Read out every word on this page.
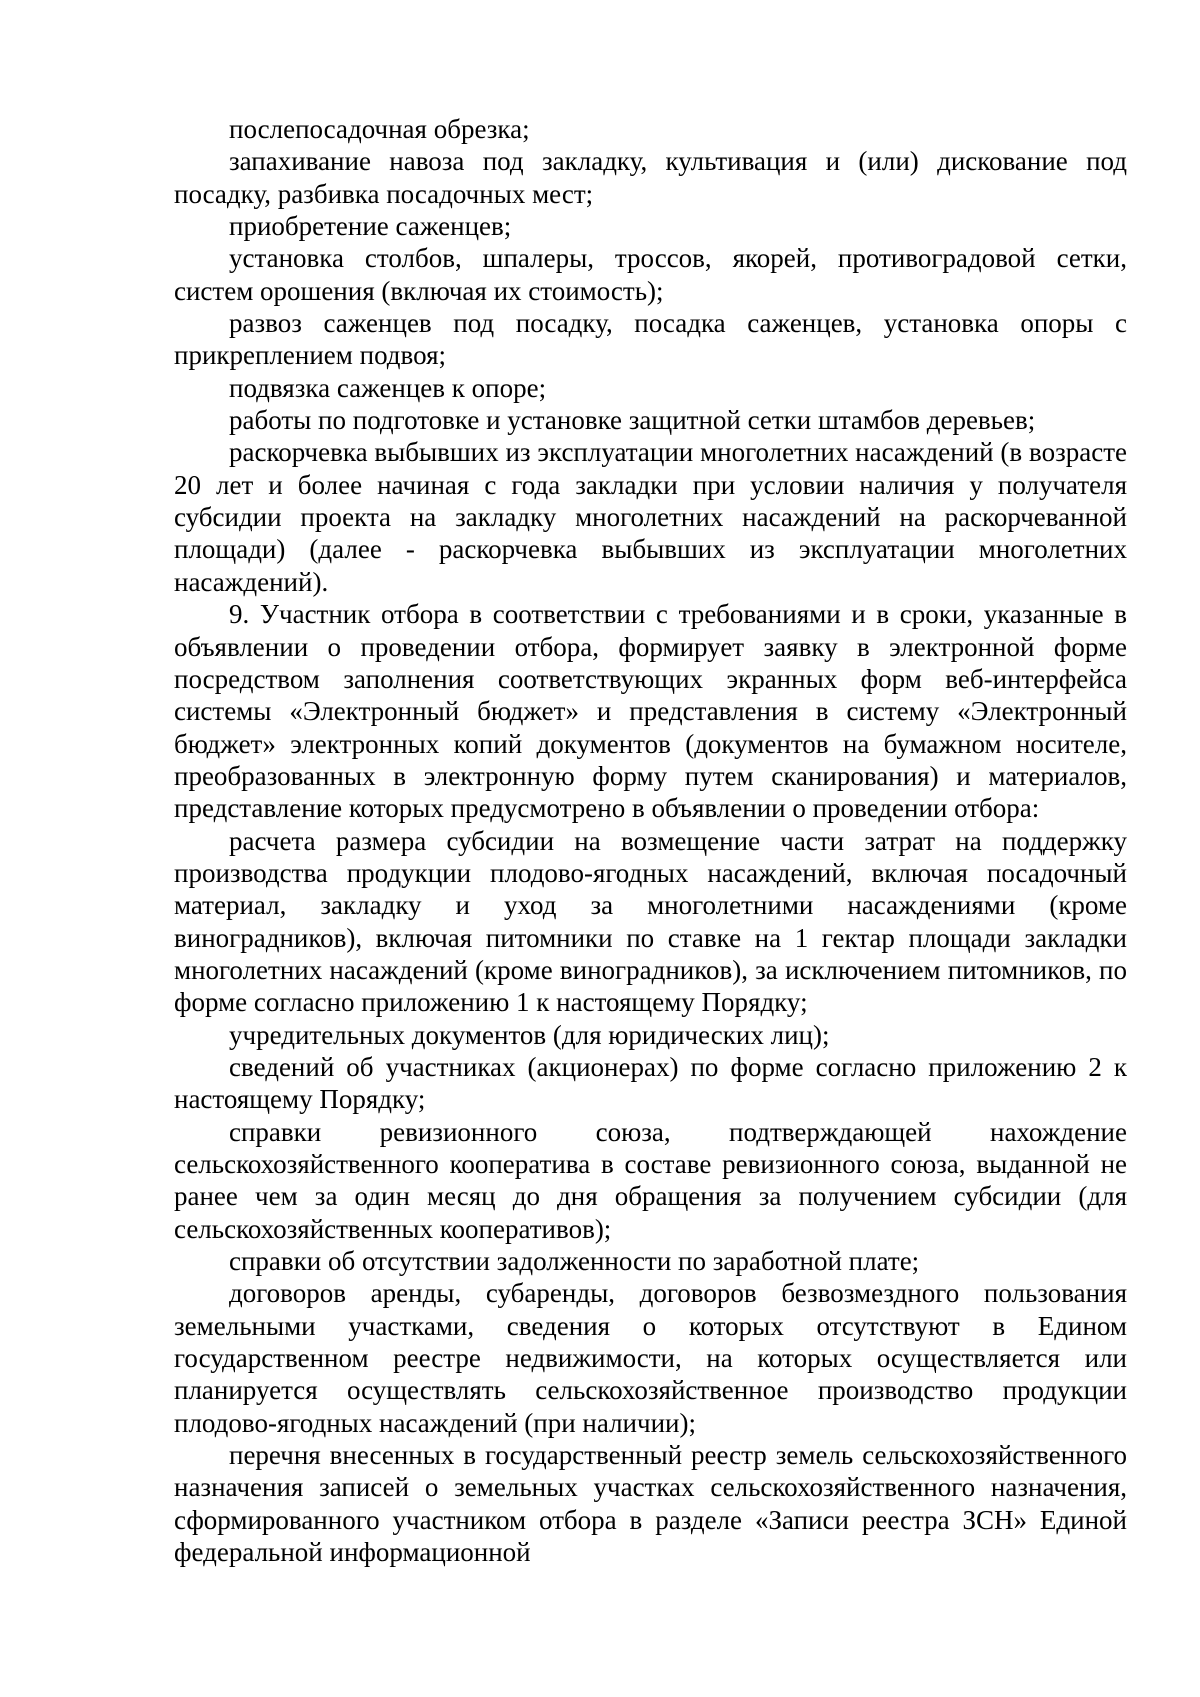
послепосадочная обрезка;

запахивание навоза под закладку, культивация и (или) дискование под посадку, разбивка посадочных мест;

приобретение саженцев;

установка столбов, шпалеры, троссов, якорей, противоградовой сетки, систем орошения (включая их стоимость);

развоз саженцев под посадку, посадка саженцев, установка опоры с прикреплением подвоя;

подвязка саженцев к опоре;

работы по подготовке и установке защитной сетки штамбов деревьев;

раскорчевка выбывших из эксплуатации многолетних насаждений (в возрасте 20 лет и более начиная с года закладки при условии наличия у получателя субсидии проекта на закладку многолетних насаждений на раскорчеванной площади) (далее - раскорчевка выбывших из эксплуатации многолетних насаждений).

9. Участник отбора в соответствии с требованиями и в сроки, указанные в объявлении о проведении отбора, формирует заявку в электронной форме посредством заполнения соответствующих экранных форм веб-интерфейса системы «Электронный бюджет» и представления в систему «Электронный бюджет» электронных копий документов (документов на бумажном носителе, преобразованных в электронную форму путем сканирования) и материалов, представление которых предусмотрено в объявлении о проведении отбора:

расчета размера субсидии на возмещение части затрат на поддержку производства продукции плодово-ягодных насаждений, включая посадочный материал, закладку и уход за многолетними насаждениями (кроме виноградников), включая питомники по ставке на 1 гектар площади закладки многолетних насаждений (кроме виноградников), за исключением питомников, по форме согласно приложению 1 к настоящему Порядку;

учредительных документов (для юридических лиц);

сведений об участниках (акционерах) по форме согласно приложению 2 к настоящему Порядку;

справки ревизионного союза, подтверждающей нахождение сельскохозяйственного кооператива в составе ревизионного союза, выданной не ранее чем за один месяц до дня обращения за получением субсидии (для сельскохозяйственных кооперативов);

справки об отсутствии задолженности по заработной плате;

договоров аренды, субаренды, договоров безвозмездного пользования земельными участками, сведения о которых отсутствуют в Едином государственном реестре недвижимости, на которых осуществляется или планируется осуществлять сельскохозяйственное производство продукции плодово-ягодных насаждений (при наличии);

перечня внесенных в государственный реестр земель сельскохозяйственного назначения записей о земельных участках сельскохозяйственного назначения, сформированного участником отбора в разделе «Записи реестра ЗСН» Единой федеральной информационной
